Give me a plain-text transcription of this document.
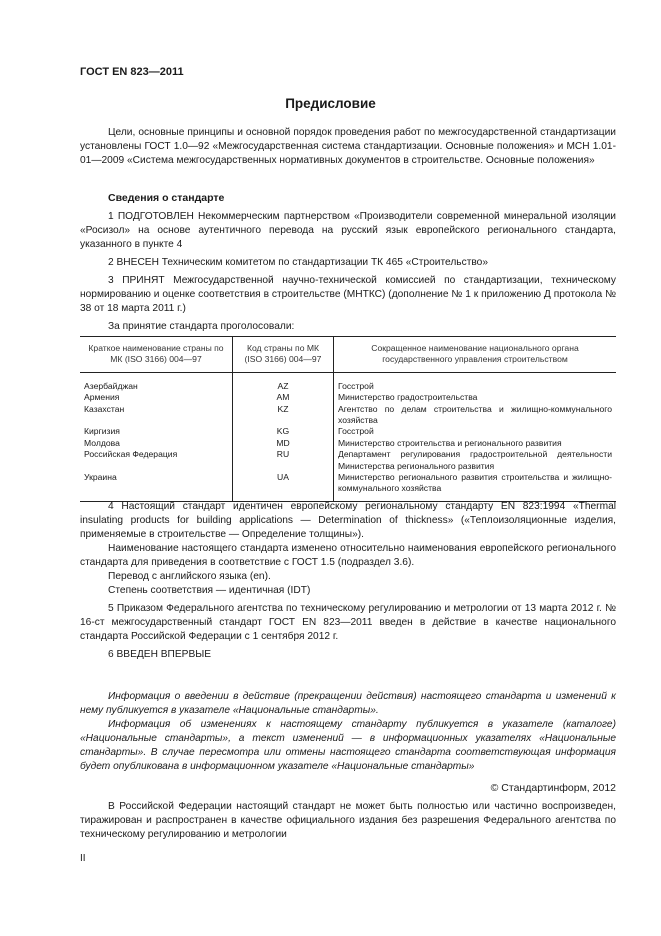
ГОСТ EN 823—2011
Предисловие

Цели, основные принципы и основной порядок проведения работ по межгосударственной стандартизации установлены ГОСТ 1.0—92 «Межгосударственная система стандартизации. Основные положения» и МСН 1.01-01—2009 «Система межгосударственных нормативных документов в строительстве. Основные положения»

Сведения о стандарте

1 ПОДГОТОВЛЕН Некоммерческим партнерством «Производители современной минеральной изоляции «Росизол» на основе аутентичного перевода на русский язык европейского регионального стандарта, указанного в пункте 4

2 ВНЕСЕН Техническим комитетом по стандартизации ТК 465 «Строительство»

3 ПРИНЯТ Межгосударственной научно-технической комиссией по стандартизации, техническому нормированию и оценке соответствия в строительстве (МНТКС) (дополнение № 1 к приложению Д протокола № 38 от 18 марта 2011 г.)

За принятие стандарта проголосовали:

Краткое наименование страны по МК (ISO 3166) 004—97	Код страны по МК (ISO 3166) 004—97	Сокращенное наименование национального органа государственного управления строительством
Азербайджан	AZ	Госстрой
Армения	AM	Министерство градостроительства
Казахстан	KZ	Агентство по делам строительства и жилищно-коммунального хозяйства
Киргизия	KG	Госстрой
Молдова	MD	Министерство строительства и регионального развития
Российская Федерация	RU	Департамент регулирования градостроительной деятельности Министерства регионального развития
Украина	UA	Министерство регионального развития строительства и жилищно-коммунального хозяйства

4 Настоящий стандарт идентичен европейскому региональному стандарту EN 823:1994 «Thermal insulating products for building applications — Determination of thickness» («Теплоизоляционные изделия, применяемые в строительстве — Определение толщины»).

Наименование настоящего стандарта изменено относительно наименования европейского регионального стандарта для приведения в соответствие с ГОСТ 1.5 (подраздел 3.6).

Перевод с английского языка (en).

Степень соответствия — идентичная (IDT)

5 Приказом Федерального агентства по техническому регулированию и метрологии от 13 марта 2012 г. № 16-ст межгосударственный стандарт ГОСТ EN 823—2011 введен в действие в качестве национального стандарта Российской Федерации с 1 сентября 2012 г.

6 ВВЕДЕН ВПЕРВЫЕ

Информация о введении в действие (прекращении действия) настоящего стандарта и изменений к нему публикуется в указателе «Национальные стандарты».

Информация об изменениях к настоящему стандарту публикуется в указателе (каталоге) «Национальные стандарты», а текст изменений — в информационных указателях «Национальные стандарты». В случае пересмотра или отмены настоящего стандарта соответствующая информация будет опубликована в информационном указателе «Национальные стандарты»

© Стандартинформ, 2012

В Российской Федерации настоящий стандарт не может быть полностью или частично воспроизведен, тиражирован и распространен в качестве официального издания без разрешения Федерального агентства по техническому регулированию и метрологии

II
